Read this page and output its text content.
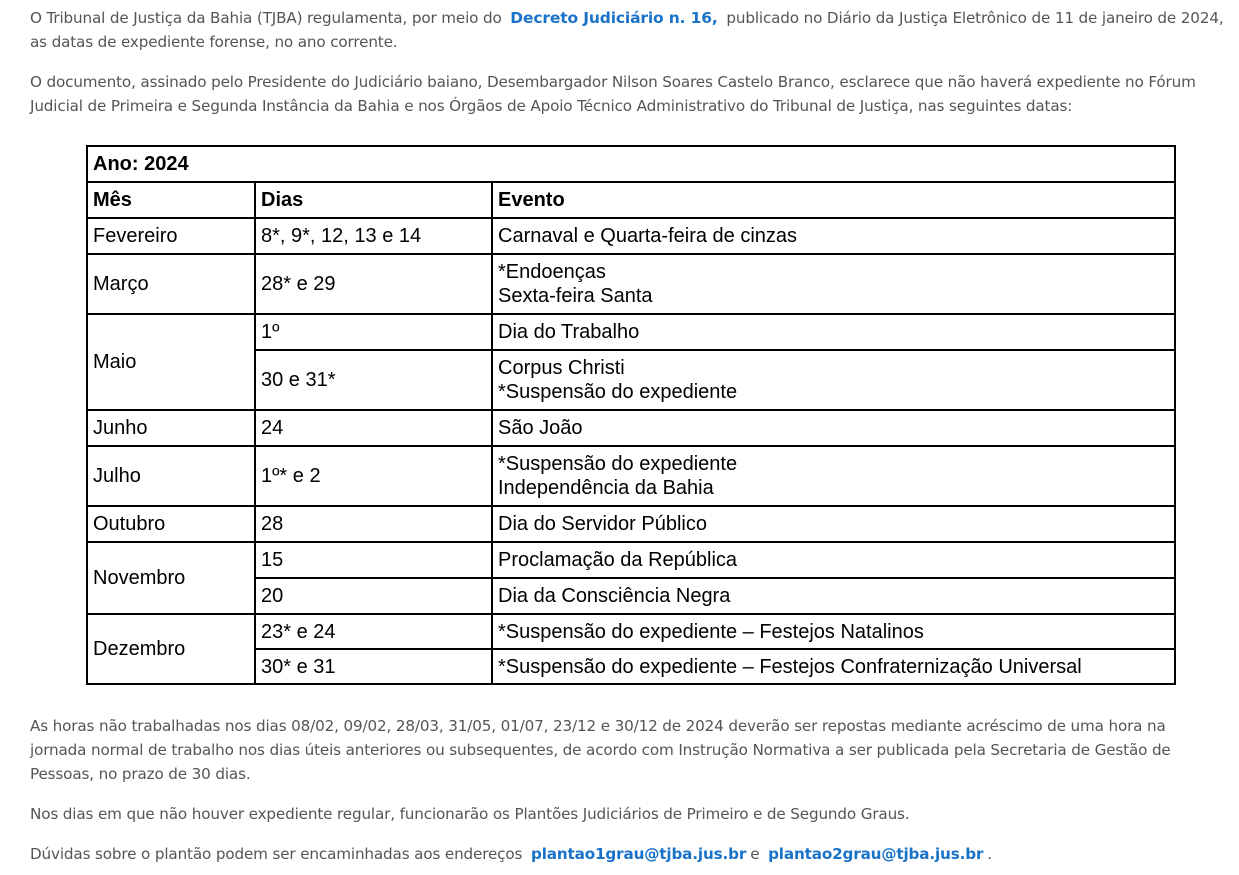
O Tribunal de Justiça da Bahia (TJBA) regulamenta, por meio do Decreto Judiciário n. 16, publicado no Diário da Justiça Eletrônico de 11 de janeiro de 2024, as datas de expediente forense, no ano corrente.

O documento, assinado pelo Presidente do Judiciário baiano, Desembargador Nilson Soares Castelo Branco, esclarece que não haverá expediente no Fórum Judicial de Primeira e Segunda Instância da Bahia e nos Órgãos de Apoio Técnico Administrativo do Tribunal de Justiça, nas seguintes datas:

Ano: 2024		
Mês	Dias	Evento
Fevereiro	8*, 9*, 12, 13 e 14	Carnaval e Quarta-feira de cinzas
Março	28* e 29	*Endoenças
Sexta-feira Santa

Maio	1º	Dia do Trabalho
	30 e 31*	Corpus Christi
*Suspensão do expediente

Junho	24	São João
Julho	1º* e 2	*Suspensão do expediente
Independência da Bahia

Outubro	28	Dia do Servidor Público
Novembro	15	Proclamação da República
	20	Dia da Consciência Negra
Dezembro	23* e 24	*Suspensão do expediente – Festejos Natalinos
	30* e 31	*Suspensão do expediente – Festejos Confraternização Universal

As horas não trabalhadas nos dias 08/02, 09/02, 28/03, 31/05, 01/07, 23/12 e 30/12 de 2024 deverão ser repostas mediante acréscimo de uma hora na jornada normal de trabalho nos dias úteis anteriores ou subsequentes, de acordo com Instrução Normativa a ser publicada pela Secretaria de Gestão de Pessoas, no prazo de 30 dias.

Nos dias em que não houver expediente regular, funcionarão os Plantões Judiciários de Primeiro e de Segundo Graus.

Dúvidas sobre o plantão podem ser encaminhadas aos endereços plantao1grau@tjba.jus.br e plantao2grau@tjba.jus.br .
